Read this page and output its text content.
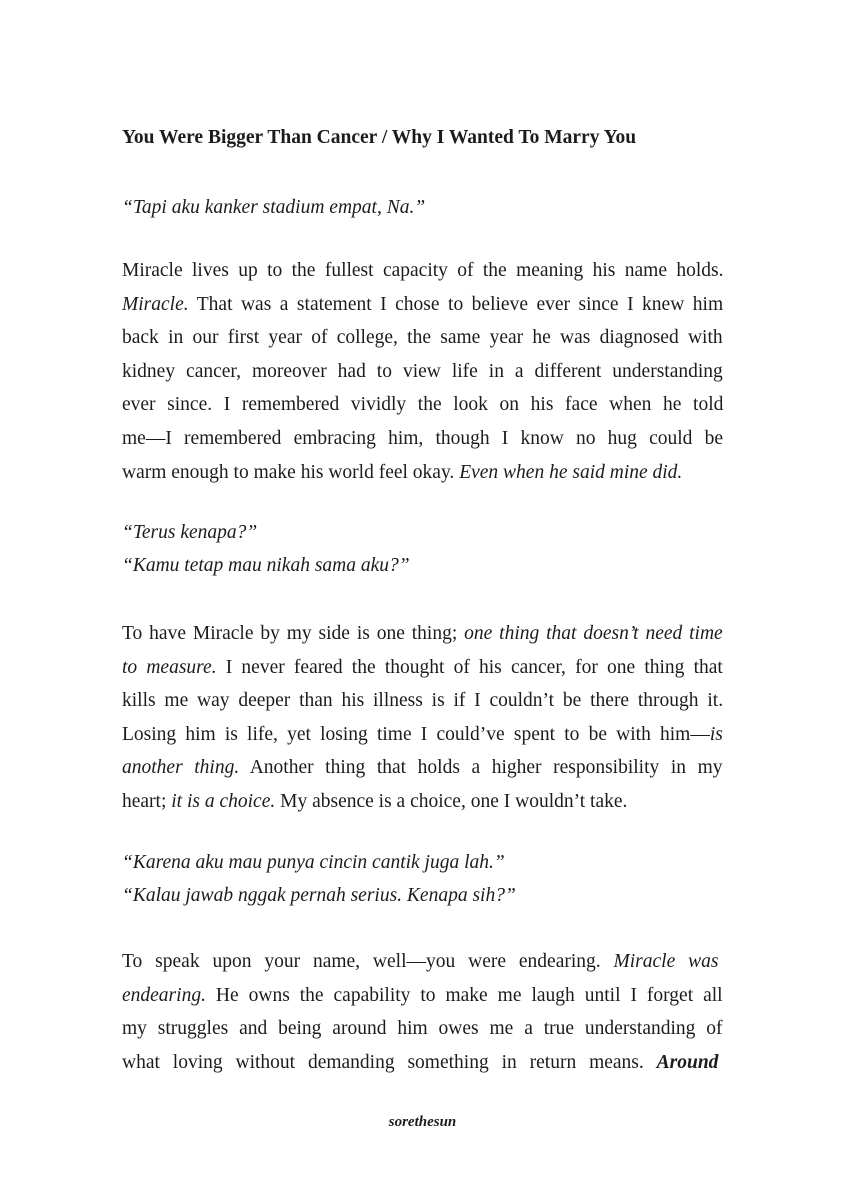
You Were Bigger Than Cancer / Why I Wanted To Marry You
“Tapi aku kanker stadium empat, Na.”
Miracle lives up to the fullest capacity of the meaning his name holds.
Miracle. That was a statement I chose to believe ever since I knew him
back in our first year of college, the same year he was diagnosed with
kidney cancer, moreover had to view life in a different understanding
ever since. I remembered vividly the look on his face when he told
me—I remembered embracing him, though I know no hug could be
warm enough to make his world feel okay. Even when he said mine did.
“Terus kenapa?”
“Kamu tetap mau nikah sama aku?”
To have Miracle by my side is one thing; one thing that doesn’t need time
to measure. I never feared the thought of his cancer, for one thing that
kills me way deeper than his illness is if I couldn’t be there through it.
Losing him is life, yet losing time I could’ve spent to be with him—is
another thing. Another thing that holds a higher responsibility in my
heart; it is a choice. My absence is a choice, one I wouldn’t take.
“Karena aku mau punya cincin cantik juga lah.”
“Kalau jawab nggak pernah serius. Kenapa sih?”
To speak upon your name, well—you were endearing. Miracle was
endearing. He owns the capability to make me laugh until I forget all
my struggles and being around him owes me a true understanding of
what loving without demanding something in return means. Around
sorethesun
